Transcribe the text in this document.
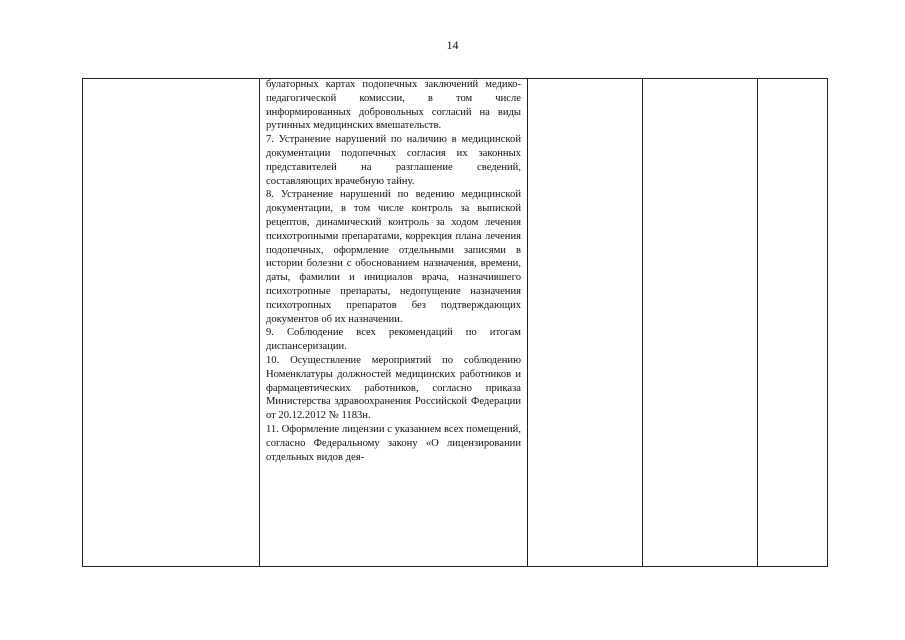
14

булаторных картах подопечных заключений медико-педагогической комиссии, в том числе информированных добровольных согласий на виды рутинных медицинских вмешательств.

7. Устранение нарушений по наличию в медицинской документации подопечных согласия их законных представителей на разглашение сведений, составляющих врачебную тайну.

8. Устранение нарушений по ведению медицинской документации, в том числе контроль за выпиской рецептов, динамический контроль за ходом лечения психотропными препаратами, коррекция плана лечения подопечных, оформление отдельными записями в истории болезни с обоснованием назначения, времени, даты, фамилии и инициалов врача, назначившего психотропные препараты, недопущение назначения психотропных препаратов без подтверждающих документов об их назначении.

9. Соблюдение всех рекомендаций по итогам диспансеризации.

10. Осуществление мероприятий по соблюдению Номенклатуры должностей медицинских работников и фармацевтических работников, согласно приказа Министерства здравоохранения Российской Федерации от 20.12.2012 № 1183н.

11. Оформление лицензии с указанием всех помещений, согласно Федеральному закону «О лицензировании отдельных видов дея-
